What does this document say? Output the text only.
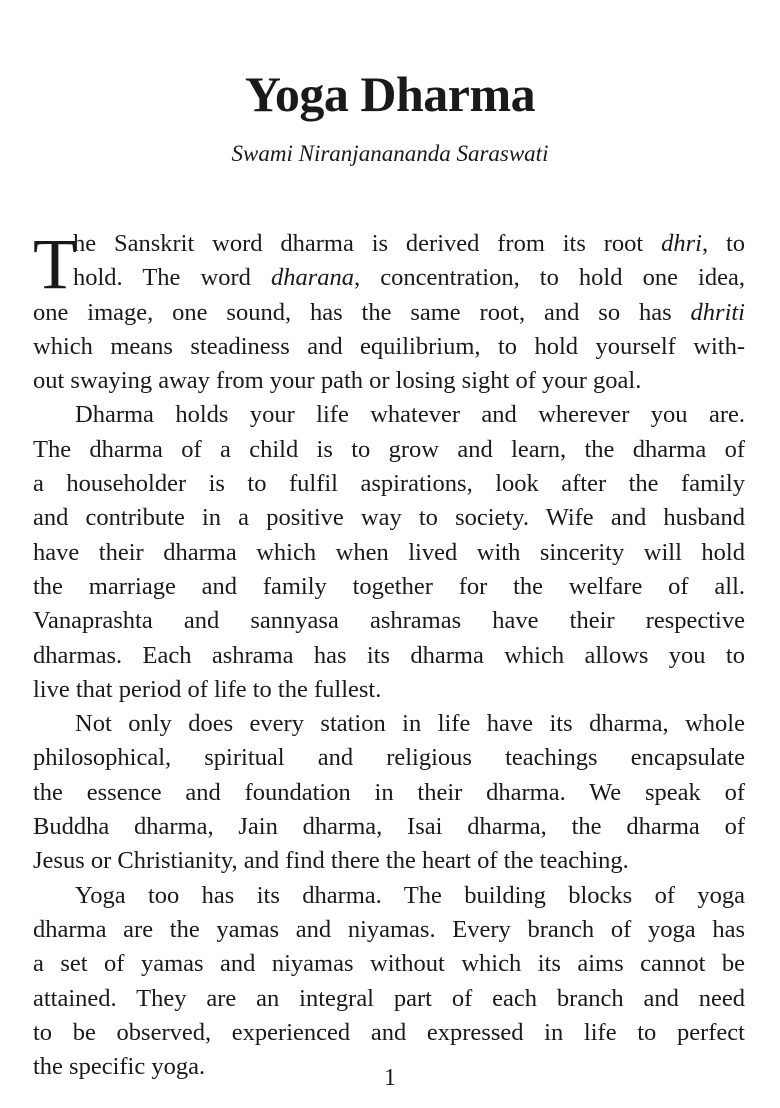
Yoga Dharma
Swami Niranjanananda Saraswati
T
he Sanskrit word dharma is derived from its root dhri, to
hold. The word dharana, concentration, to hold one idea,
one image, one sound, has the same root, and so has dhriti
which means steadiness and equilibrium, to hold yourself with-
out swaying away from your path or losing sight of your goal.
Dharma holds your life whatever and wherever you are.
The dharma of a child is to grow and learn, the dharma of
a householder is to fulfil aspirations, look after the family
and contribute in a positive way to society. Wife and husband
have their dharma which when lived with sincerity will hold
the marriage and family together for the welfare of all.
Vanaprashta and sannyasa ashramas have their respective
dharmas. Each ashrama has its dharma which allows you to
live that period of life to the fullest.
Not only does every station in life have its dharma, whole
philosophical, spiritual and religious teachings encapsulate
the essence and foundation in their dharma. We speak of
Buddha dharma, Jain dharma, Isai dharma, the dharma of
Jesus or Christianity, and find there the heart of the teaching.
Yoga too has its dharma. The building blocks of yoga
dharma are the yamas and niyamas. Every branch of yoga has
a set of yamas and niyamas without which its aims cannot be
attained. They are an integral part of each branch and need
to be observed, experienced and expressed in life to perfect
the specific yoga.	1
